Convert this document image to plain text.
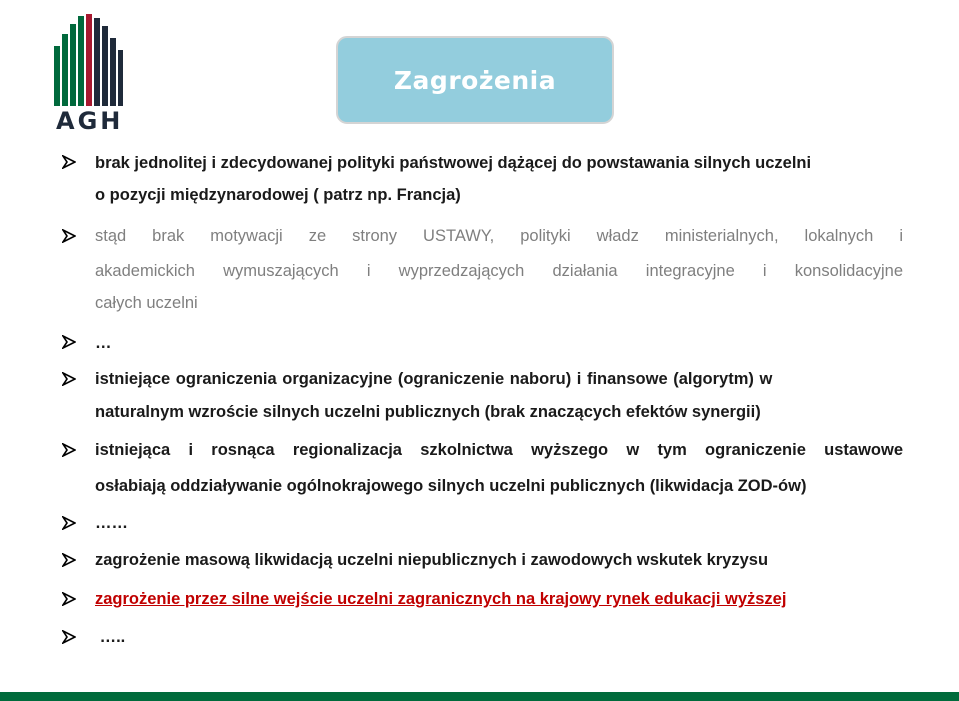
AGH
Zagrożenia
brak jednolitej i zdecydowanej polityki państwowej dążącej do powstawania silnych uczelni
o pozycji międzynarodowej ( patrz np. Francja)
stąd brak motywacji ze strony USTAWY, polityki władz ministerialnych, lokalnych i
akademickich wymuszających i wyprzedzających działania integracyjne i konsolidacyjne
całych uczelni
…
istniejące ograniczenia organizacyjne (ograniczenie naboru) i finansowe (algorytm) w
naturalnym wzroście silnych uczelni publicznych (brak znaczących efektów synergii)
istniejąca i rosnąca regionalizacja szkolnictwa wyższego w tym ograniczenie ustawowe
osłabiają oddziaływanie ogólnokrajowego silnych uczelni publicznych (likwidacja ZOD-ów)
……
zagrożenie masową likwidacją uczelni niepublicznych i zawodowych wskutek kryzysu
zagrożenie przez silne wejście uczelni zagranicznych na krajowy rynek edukacji wyższej
…..
